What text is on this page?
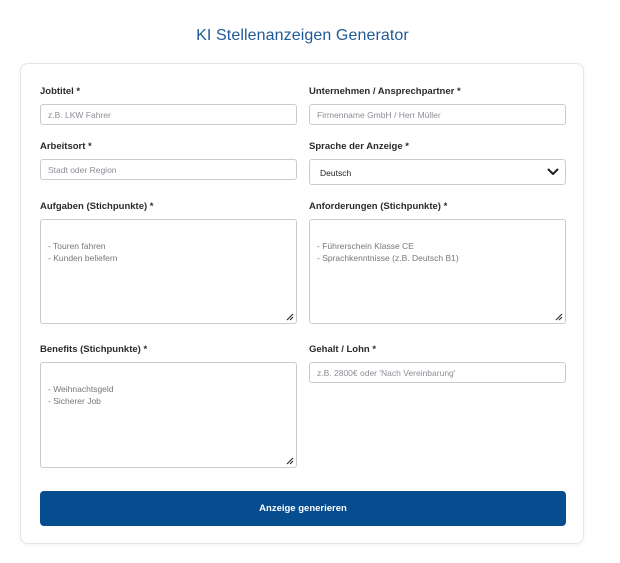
KI Stellenanzeigen Generator
Jobtitel *
z.B. LKW Fahrer	Unternehmen / Ansprechpartner *
Firmenname GmbH / Herr Müller
Arbeitsort *
Stadt oder Region	Sprache der Anzeige *
Deutsch
Aufgaben (Stichpunkte) *

- Touren fahren
- Kunden beliefern

Anforderungen (Stichpunkte) *

- Führerschein Klasse CE
- Sprachkenntnisse (z.B. Deutsch B1)

Benefits (Stichpunkte) *

- Weihnachtsgeld
- Sicherer Job

Gehalt / Lohn *
z.B. 2800€ oder 'Nach Vereinbarung'
Anzeige generieren
